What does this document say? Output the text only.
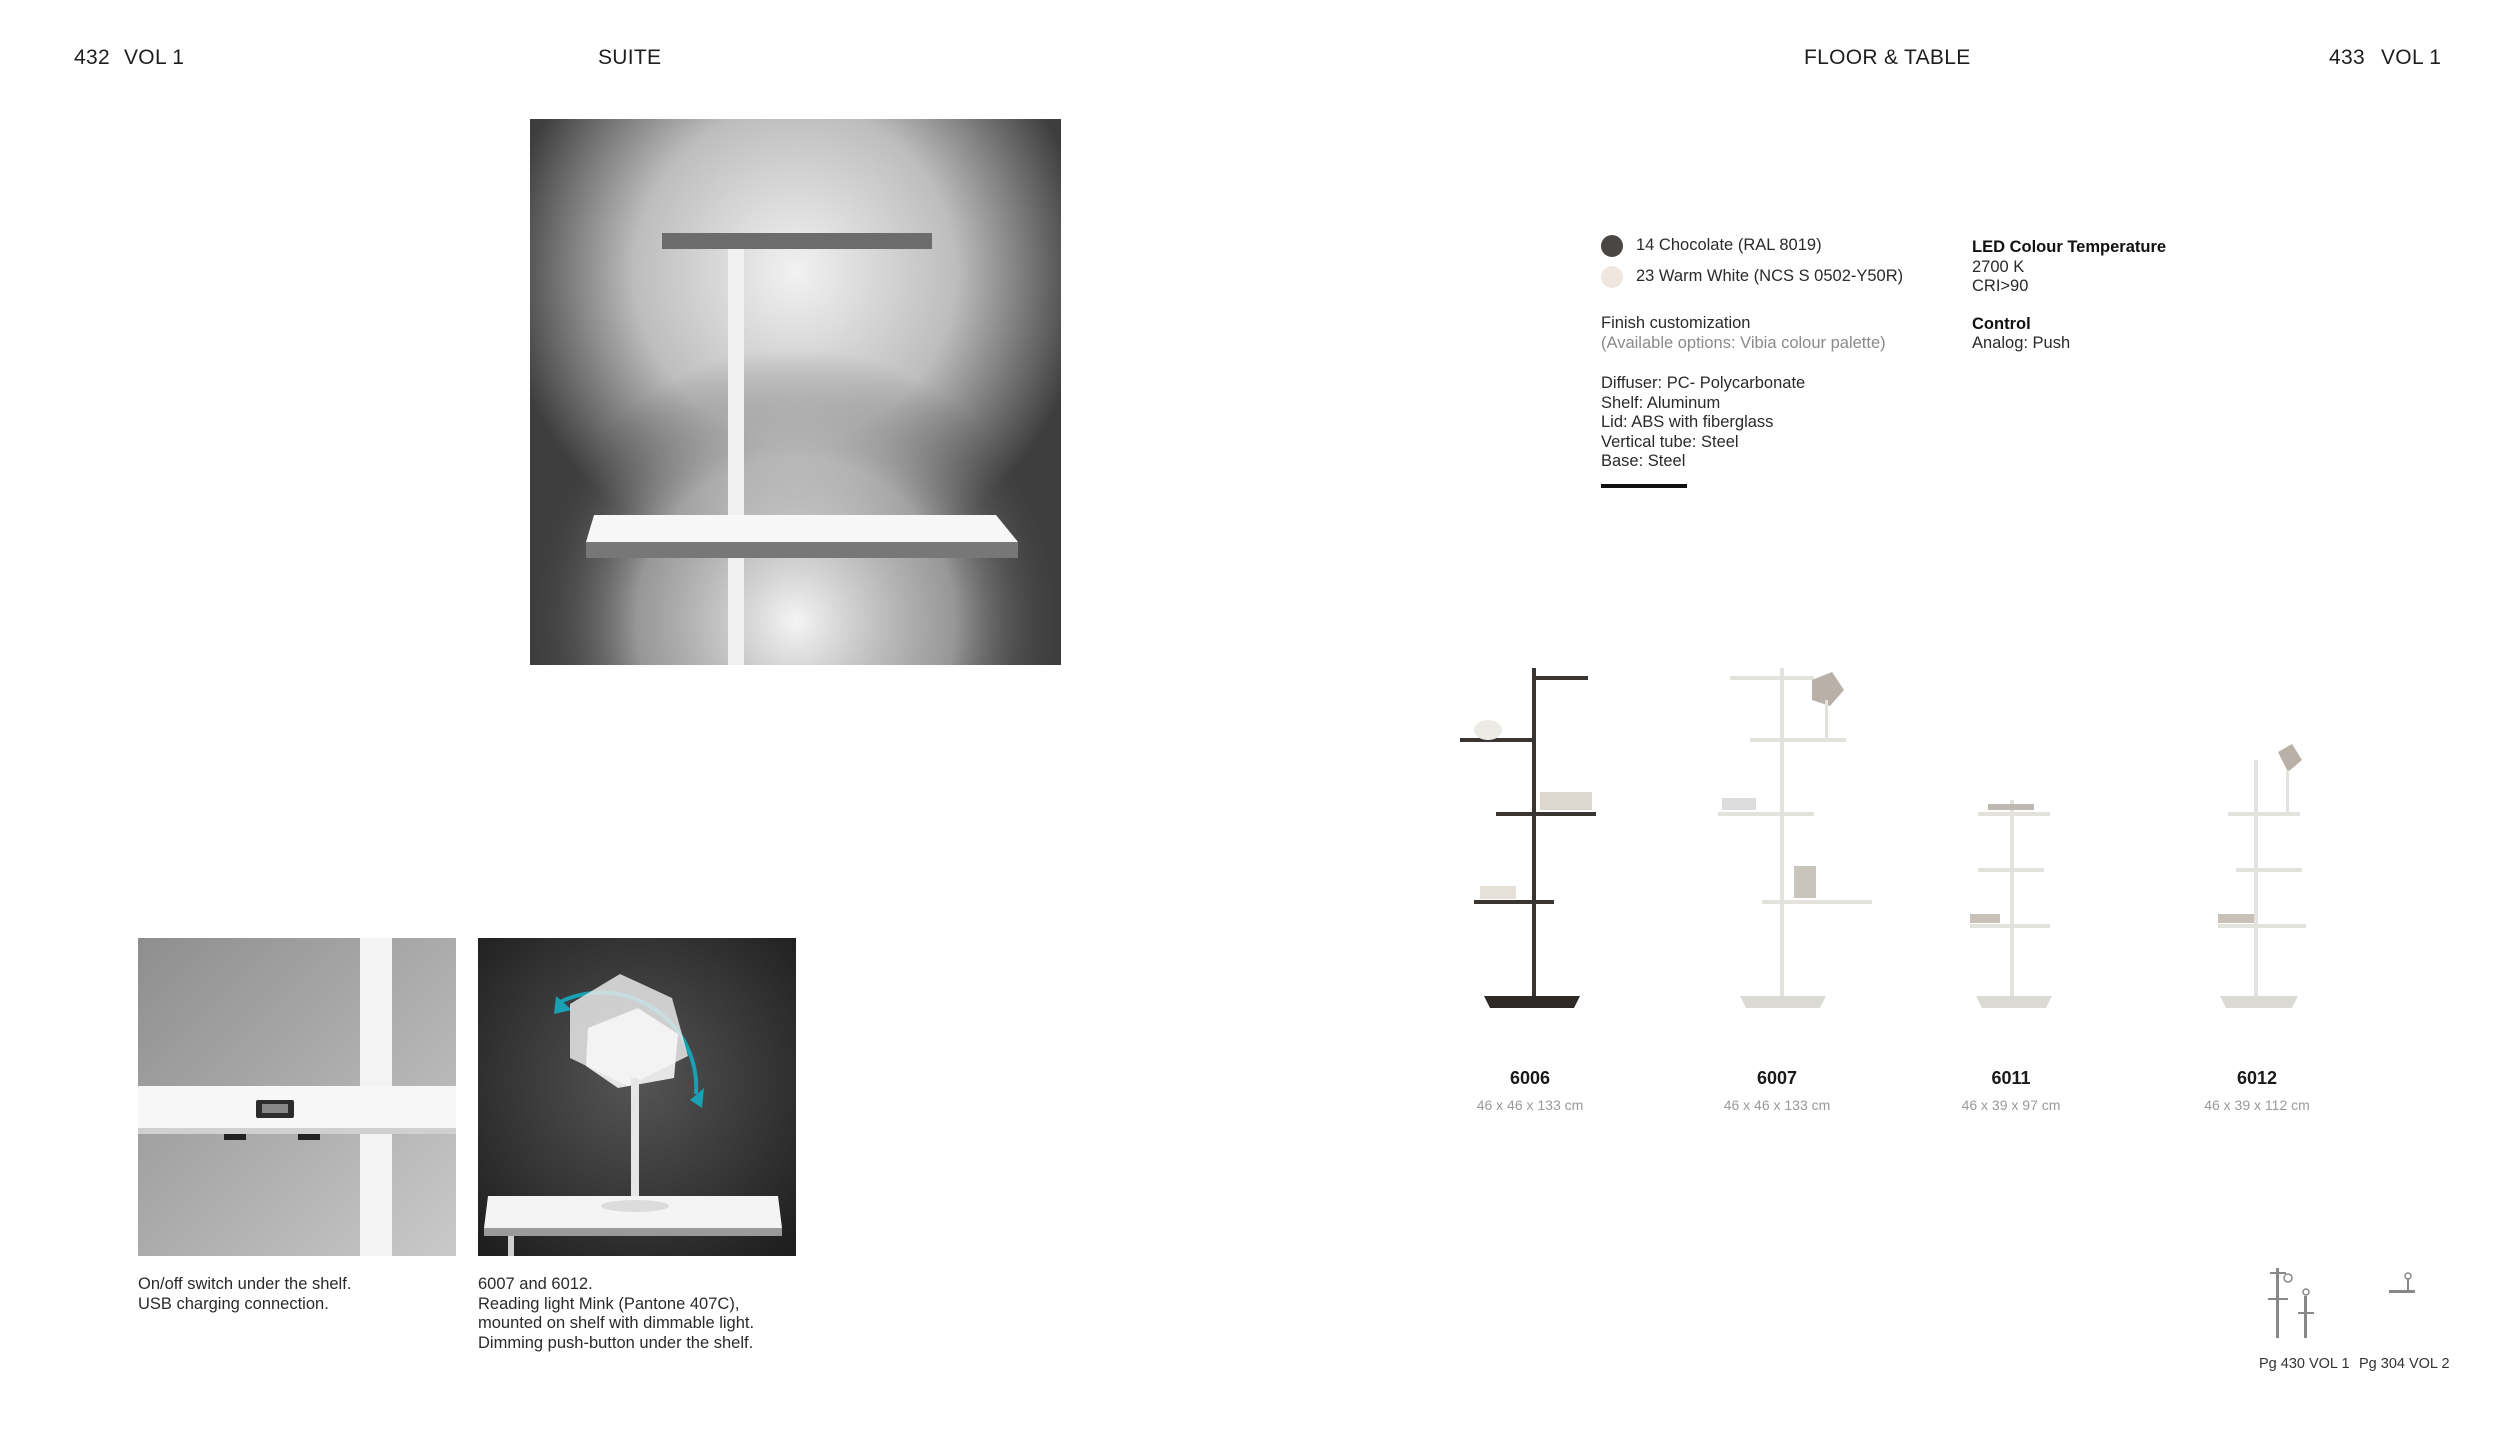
432 VOL 1	SUITE	FLOOR & TABLE	433 VOL 1
On/off switch under the shelf.
USB charging connection.
6007 and 6012.
Reading light Mink (Pantone 407C),
mounted on shelf with dimmable light.
Dimming push-button under the shelf.
14 Chocolate (RAL 8019)
23 Warm White (NCS S 0502-Y50R)
Finish customization
(Available options: Vibia colour palette)
Diffuser: PC- Polycarbonate
Shelf: Aluminum
Lid: ABS with fiberglass
Vertical tube: Steel
Base: Steel
LED Colour Temperature
2700 K
CRI>90
Control
Analog: Push
6006
46 x 46 x 133 cm
6007
46 x 46 x 133 cm
6011
46 x 39 x 97 cm
6012
46 x 39 x 112 cm
Pg 430 VOL 1 Pg 304 VOL 2
